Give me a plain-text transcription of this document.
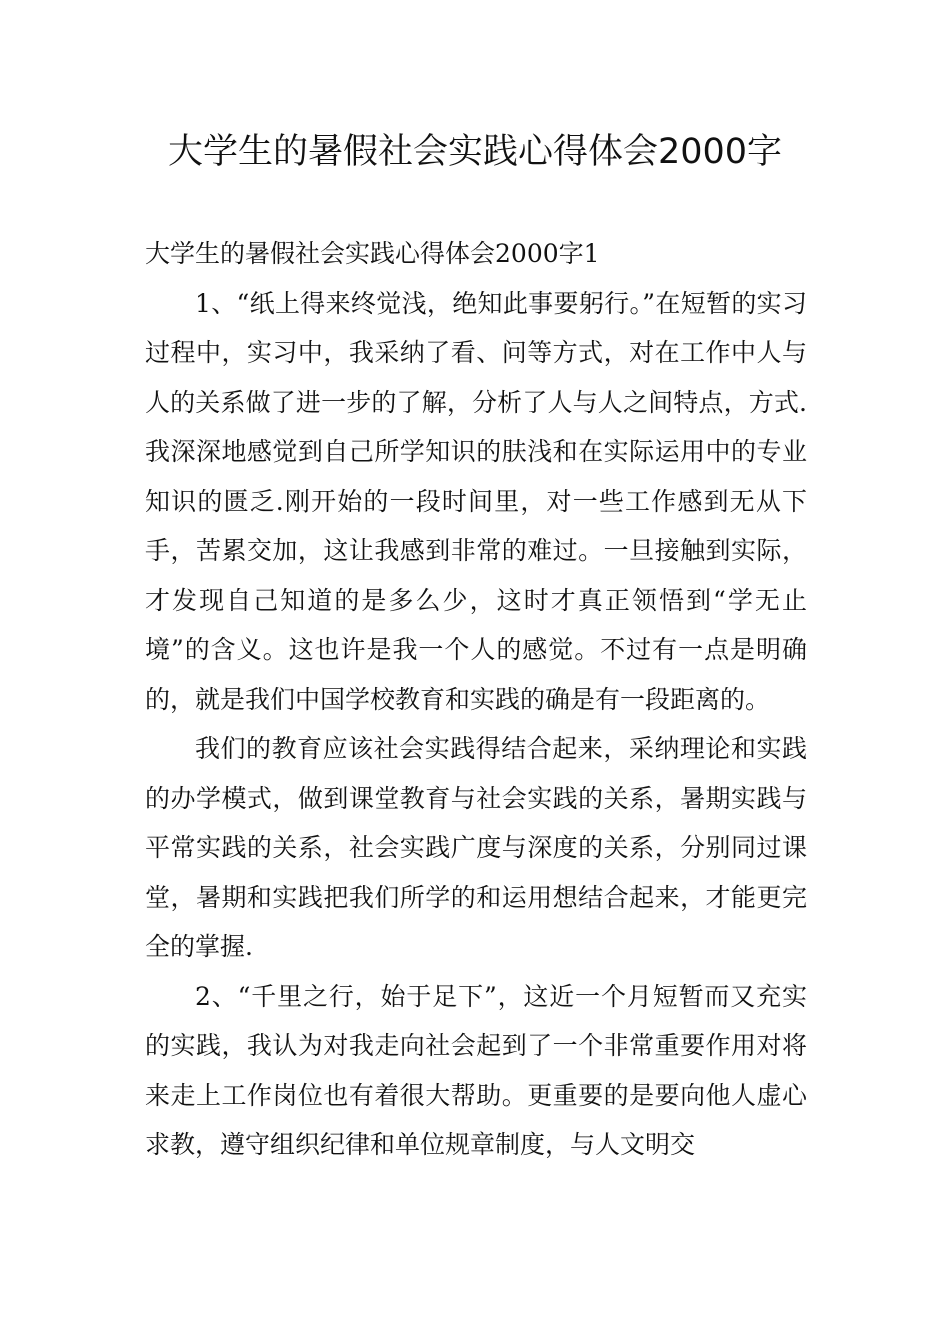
大学生的暑假社会实践心得体会2000字

大学生的暑假社会实践心得体会2000字1

1、“纸上得来终觉浅，绝知此事要躬行。”在短暂的实习过程中，实习中，我采纳了看、问等方式，对在工作中人与人的关系做了进一步的了解，分析了人与人之间特点，方式.我深深地感觉到自己所学知识的肤浅和在实际运用中的专业知识的匮乏.刚开始的一段时间里，对一些工作感到无从下手，苦累交加，这让我感到非常的难过。一旦接触到实际，才发现自己知道的是多么少，这时才真正领悟到“学无止境”的含义。这也许是我一个人的感觉。不过有一点是明确的，就是我们中国学校教育和实践的确是有一段距离的。

我们的教育应该社会实践得结合起来，采纳理论和实践的办学模式，做到课堂教育与社会实践的关系，暑期实践与平常实践的关系，社会实践广度与深度的关系，分别同过课堂，暑期和实践把我们所学的和运用想结合起来，才能更完全的掌握.

2、“千里之行，始于足下”，这近一个月短暂而又充实的实践，我认为对我走向社会起到了一个非常重要作用对将来走上工作岗位也有着很大帮助。更重要的是要向他人虚心求教，遵守组织纪律和单位规章制度，与人文明交
